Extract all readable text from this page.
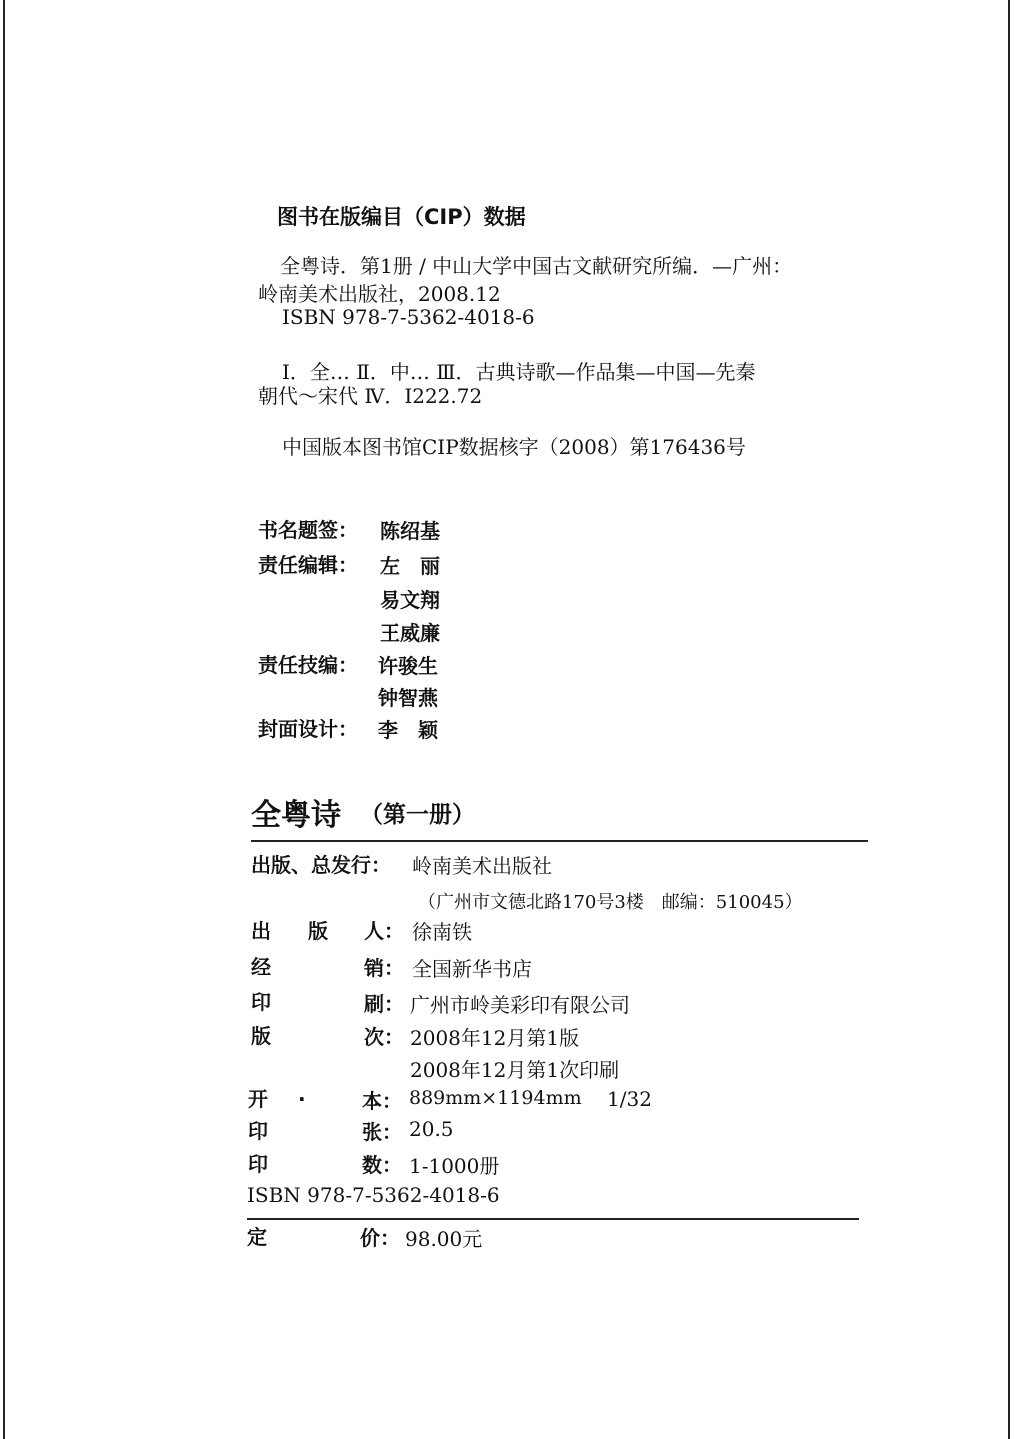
图书在版编目（CIP）数据
全粤诗．第1册 / 中山大学中国古文献研究所编．—广州：
岭南美术出版社，2008.12
ISBN 978-7-5362-4018-6
Ⅰ．全… Ⅱ．中… Ⅲ．古典诗歌—作品集—中国—先秦
朝代～宋代 Ⅳ．I222.72
中国版本图书馆CIP数据核字（2008）第176436号
书名题签： 陈绍基
责任编辑： 左　丽
易文翔
王威廉
责任技编： 许骏生
钟智燕
封面设计： 李　颖
全粤诗 （第一册）
出版、总发行： 岭南美术出版社
（广州市文德北路170号3楼　邮编：510045）
出 版 人： 徐南铁
经	销： 全国新华书店
印	刷： 广州市岭美彩印有限公司
版	次： 2008年12月第1版
2008年12月第1次印刷
开 .	本： 889mm×1194mm 1/32
印	张： 20.5
印	数： 1-1000册
ISBN 978-7-5362-4018-6
定	价： 98.00元
